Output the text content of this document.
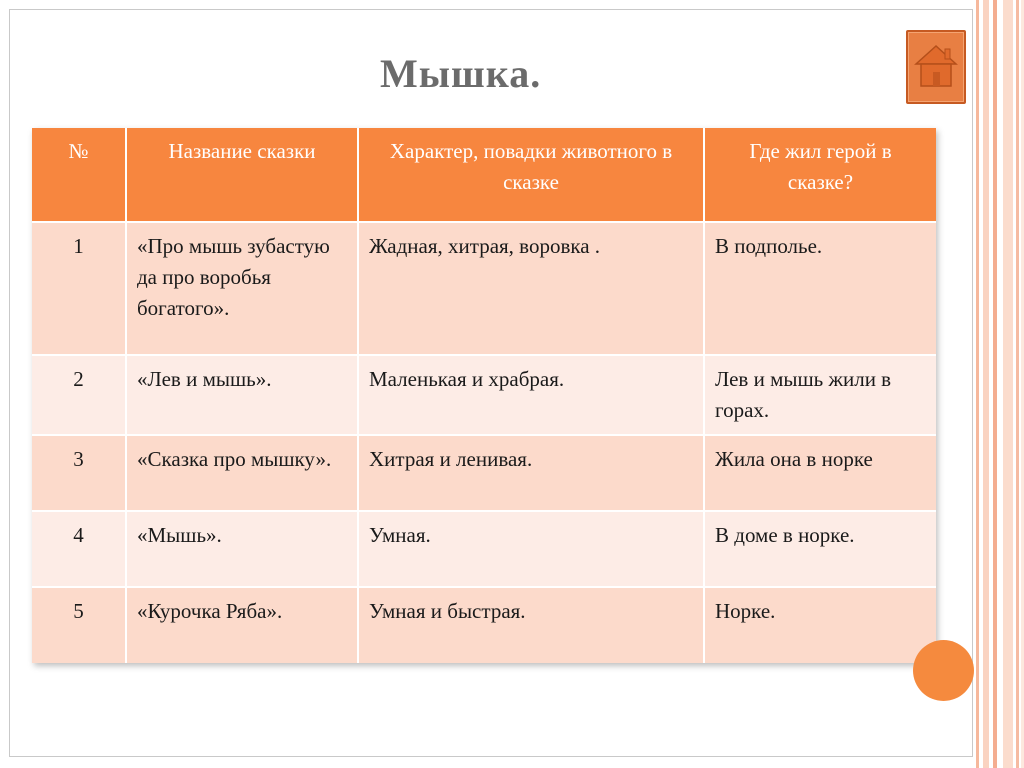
Мышка.
№	Название сказки	Характер, повадки животного в сказке	Где жил герой в сказке?
1	«Про мышь зубастую да про воробья богатого».	Жадная, хитрая, воровка .	В подполье.
2	«Лев и мышь».	Маленькая и храбрая.	Лев и мышь жили в горах.
3	«Сказка про мышку».	Хитрая и ленивая.	Жила она в норке
4	«Мышь».	Умная.	В доме в норке.
5	«Курочка Ряба».	Умная и быстрая.	Норке.
